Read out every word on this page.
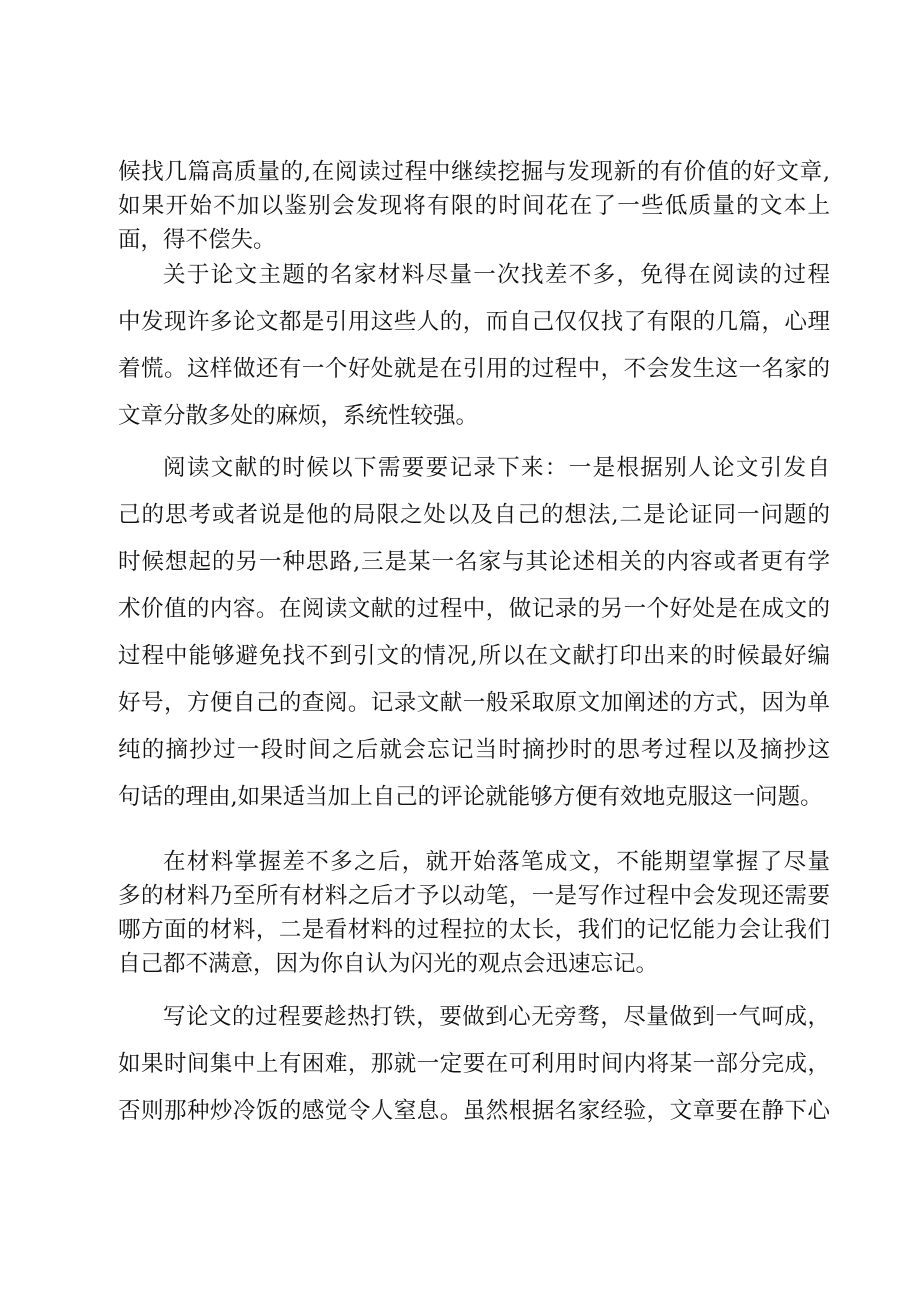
候找几篇高质量的,在阅读过程中继续挖掘与发现新的有价值的好文章,
如果开始不加以鉴别会发现将有限的时间花在了一些低质量的文本上
面，得不偿失。
关于论文主题的名家材料尽量一次找差不多，免得在阅读的过程
中发现许多论文都是引用这些人的，而自己仅仅找了有限的几篇，心理
着慌。这样做还有一个好处就是在引用的过程中，不会发生这一名家的
文章分散多处的麻烦，系统性较强。
阅读文献的时候以下需要要记录下来：一是根据别人论文引发自
己的思考或者说是他的局限之处以及自己的想法,二是论证同一问题的
时候想起的另一种思路,三是某一名家与其论述相关的内容或者更有学
术价值的内容。在阅读文献的过程中，做记录的另一个好处是在成文的
过程中能够避免找不到引文的情况,所以在文献打印出来的时候最好编
好号，方便自己的查阅。记录文献一般采取原文加阐述的方式，因为单
纯的摘抄过一段时间之后就会忘记当时摘抄时的思考过程以及摘抄这
句话的理由,如果适当加上自己的评论就能够方便有效地克服这一问题。
在材料掌握差不多之后，就开始落笔成文，不能期望掌握了尽量
多的材料乃至所有材料之后才予以动笔，一是写作过程中会发现还需要
哪方面的材料，二是看材料的过程拉的太长，我们的记忆能力会让我们
自己都不满意，因为你自认为闪光的观点会迅速忘记。
写论文的过程要趁热打铁，要做到心无旁骛，尽量做到一气呵成，
如果时间集中上有困难，那就一定要在可利用时间内将某一部分完成，
否则那种炒冷饭的感觉令人窒息。虽然根据名家经验，文章要在静下心
